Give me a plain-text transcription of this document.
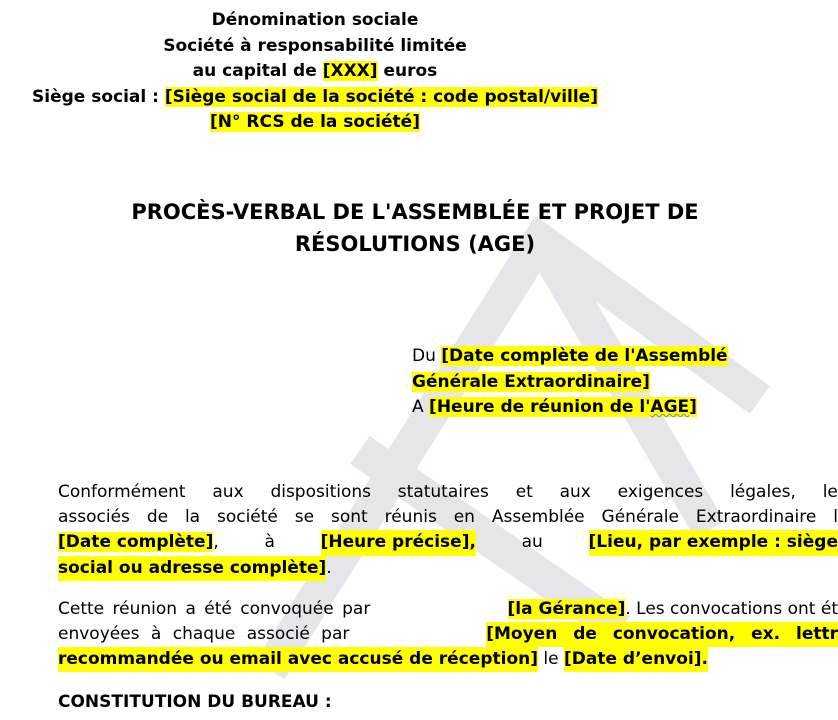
Dénomination sociale
Société à responsabilité limitée
au capital de [XXX] euros
Siège social : [Siège social de la société : code postal/ville]
[N° RCS de la société]
PROCÈS-VERBAL DE L'ASSEMBLÉE ET PROJET DE
RÉSOLUTIONS (AGE)
Du [Date complète de l'Assemblé
Générale Extraordinaire]
A [Heure de réunion de l'AGE]
Conformément aux dispositions statutaires et aux exigences légales, le
associés de la société se sont réunis en Assemblée Générale Extraordinaire l
[Date complète],	à	[Heure précise],	au	[Lieu, par exemple : siège
social ou adresse complète] .
Cette réunion a été convoquée par	[la Gérance]. Les convocations ont ét
envoyées à chaque associé par	[Moyen de convocation, ex. lettr
recommandée ou email avec accusé de réception]
le
[Date d’envoi].
CONSTITUTION DU BUREAU :
